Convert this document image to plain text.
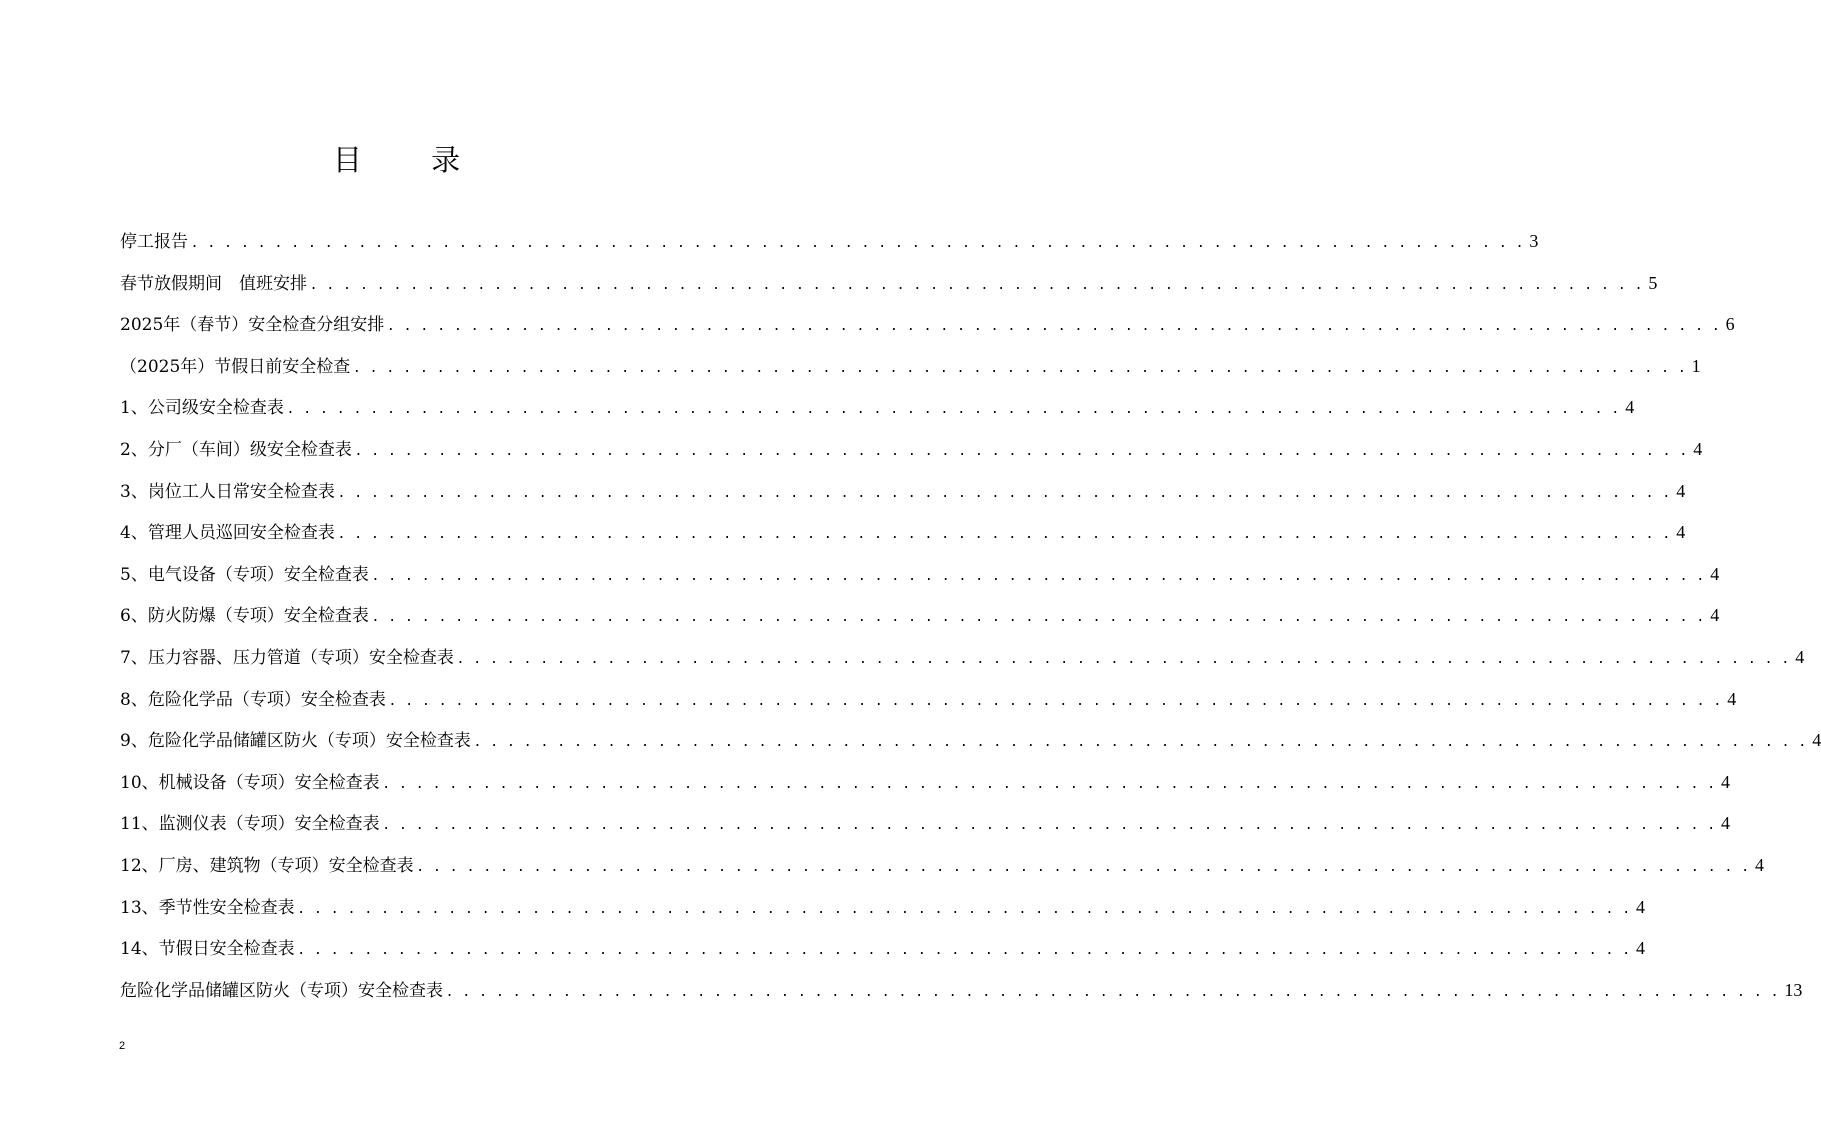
目 录
停工报告 . . . . . . . . . . . . . . . . . . . . . . . . . . . . . . . . . . . . . . . . . . . . . . . . . . . . . . . . . . . . . . . . . . . . . . . . . . . . . . . . 3
春节放假期间　值班安排 . . . . . . . . . . . . . . . . . . . . . . . . . . . . . . . . . . . . . . . . . . . . . . . . . . . . . . . . . . . . . . . . . . . . . . . . . . . . . . . . 5
2025年（春节）安全检查分组安排 . . . . . . . . . . . . . . . . . . . . . . . . . . . . . . . . . . . . . . . . . . . . . . . . . . . . . . . . . . . . . . . . . . . . . . . . . . . . . . . . 6
（2025年）节假日前安全检查 . . . . . . . . . . . . . . . . . . . . . . . . . . . . . . . . . . . . . . . . . . . . . . . . . . . . . . . . . . . . . . . . . . . . . . . . . . . . . . . . 1
1、公司级安全检查表 . . . . . . . . . . . . . . . . . . . . . . . . . . . . . . . . . . . . . . . . . . . . . . . . . . . . . . . . . . . . . . . . . . . . . . . . . . . . . . . . 4
2、分厂（车间）级安全检查表 . . . . . . . . . . . . . . . . . . . . . . . . . . . . . . . . . . . . . . . . . . . . . . . . . . . . . . . . . . . . . . . . . . . . . . . . . . . . . . . . 4
3、岗位工人日常安全检查表 . . . . . . . . . . . . . . . . . . . . . . . . . . . . . . . . . . . . . . . . . . . . . . . . . . . . . . . . . . . . . . . . . . . . . . . . . . . . . . . . 4
4、管理人员巡回安全检查表 . . . . . . . . . . . . . . . . . . . . . . . . . . . . . . . . . . . . . . . . . . . . . . . . . . . . . . . . . . . . . . . . . . . . . . . . . . . . . . . . 4
5、电气设备（专项）安全检查表 . . . . . . . . . . . . . . . . . . . . . . . . . . . . . . . . . . . . . . . . . . . . . . . . . . . . . . . . . . . . . . . . . . . . . . . . . . . . . . . . 4
6、防火防爆（专项）安全检查表 . . . . . . . . . . . . . . . . . . . . . . . . . . . . . . . . . . . . . . . . . . . . . . . . . . . . . . . . . . . . . . . . . . . . . . . . . . . . . . . . 4
7、压力容器、压力管道（专项）安全检查表 . . . . . . . . . . . . . . . . . . . . . . . . . . . . . . . . . . . . . . . . . . . . . . . . . . . . . . . . . . . . . . . . . . . . . . . . . . . . . . . . 4
8、危险化学品（专项）安全检查表 . . . . . . . . . . . . . . . . . . . . . . . . . . . . . . . . . . . . . . . . . . . . . . . . . . . . . . . . . . . . . . . . . . . . . . . . . . . . . . . . 4
9、危险化学品储罐区防火（专项）安全检查表 . . . . . . . . . . . . . . . . . . . . . . . . . . . . . . . . . . . . . . . . . . . . . . . . . . . . . . . . . . . . . . . . . . . . . . . . . . . . . . . . 4
10、机械设备（专项）安全检查表 . . . . . . . . . . . . . . . . . . . . . . . . . . . . . . . . . . . . . . . . . . . . . . . . . . . . . . . . . . . . . . . . . . . . . . . . . . . . . . . . 4
11、监测仪表（专项）安全检查表 . . . . . . . . . . . . . . . . . . . . . . . . . . . . . . . . . . . . . . . . . . . . . . . . . . . . . . . . . . . . . . . . . . . . . . . . . . . . . . . . 4
12、厂房、建筑物（专项）安全检查表 . . . . . . . . . . . . . . . . . . . . . . . . . . . . . . . . . . . . . . . . . . . . . . . . . . . . . . . . . . . . . . . . . . . . . . . . . . . . . . . . 4
13、季节性安全检查表 . . . . . . . . . . . . . . . . . . . . . . . . . . . . . . . . . . . . . . . . . . . . . . . . . . . . . . . . . . . . . . . . . . . . . . . . . . . . . . . . 4
14、节假日安全检查表 . . . . . . . . . . . . . . . . . . . . . . . . . . . . . . . . . . . . . . . . . . . . . . . . . . . . . . . . . . . . . . . . . . . . . . . . . . . . . . . . 4
危险化学品储罐区防火（专项）安全检查表 . . . . . . . . . . . . . . . . . . . . . . . . . . . . . . . . . . . . . . . . . . . . . . . . . . . . . . . . . . . . . . . . . . . . . . . . . . . . . . . . 13
2
